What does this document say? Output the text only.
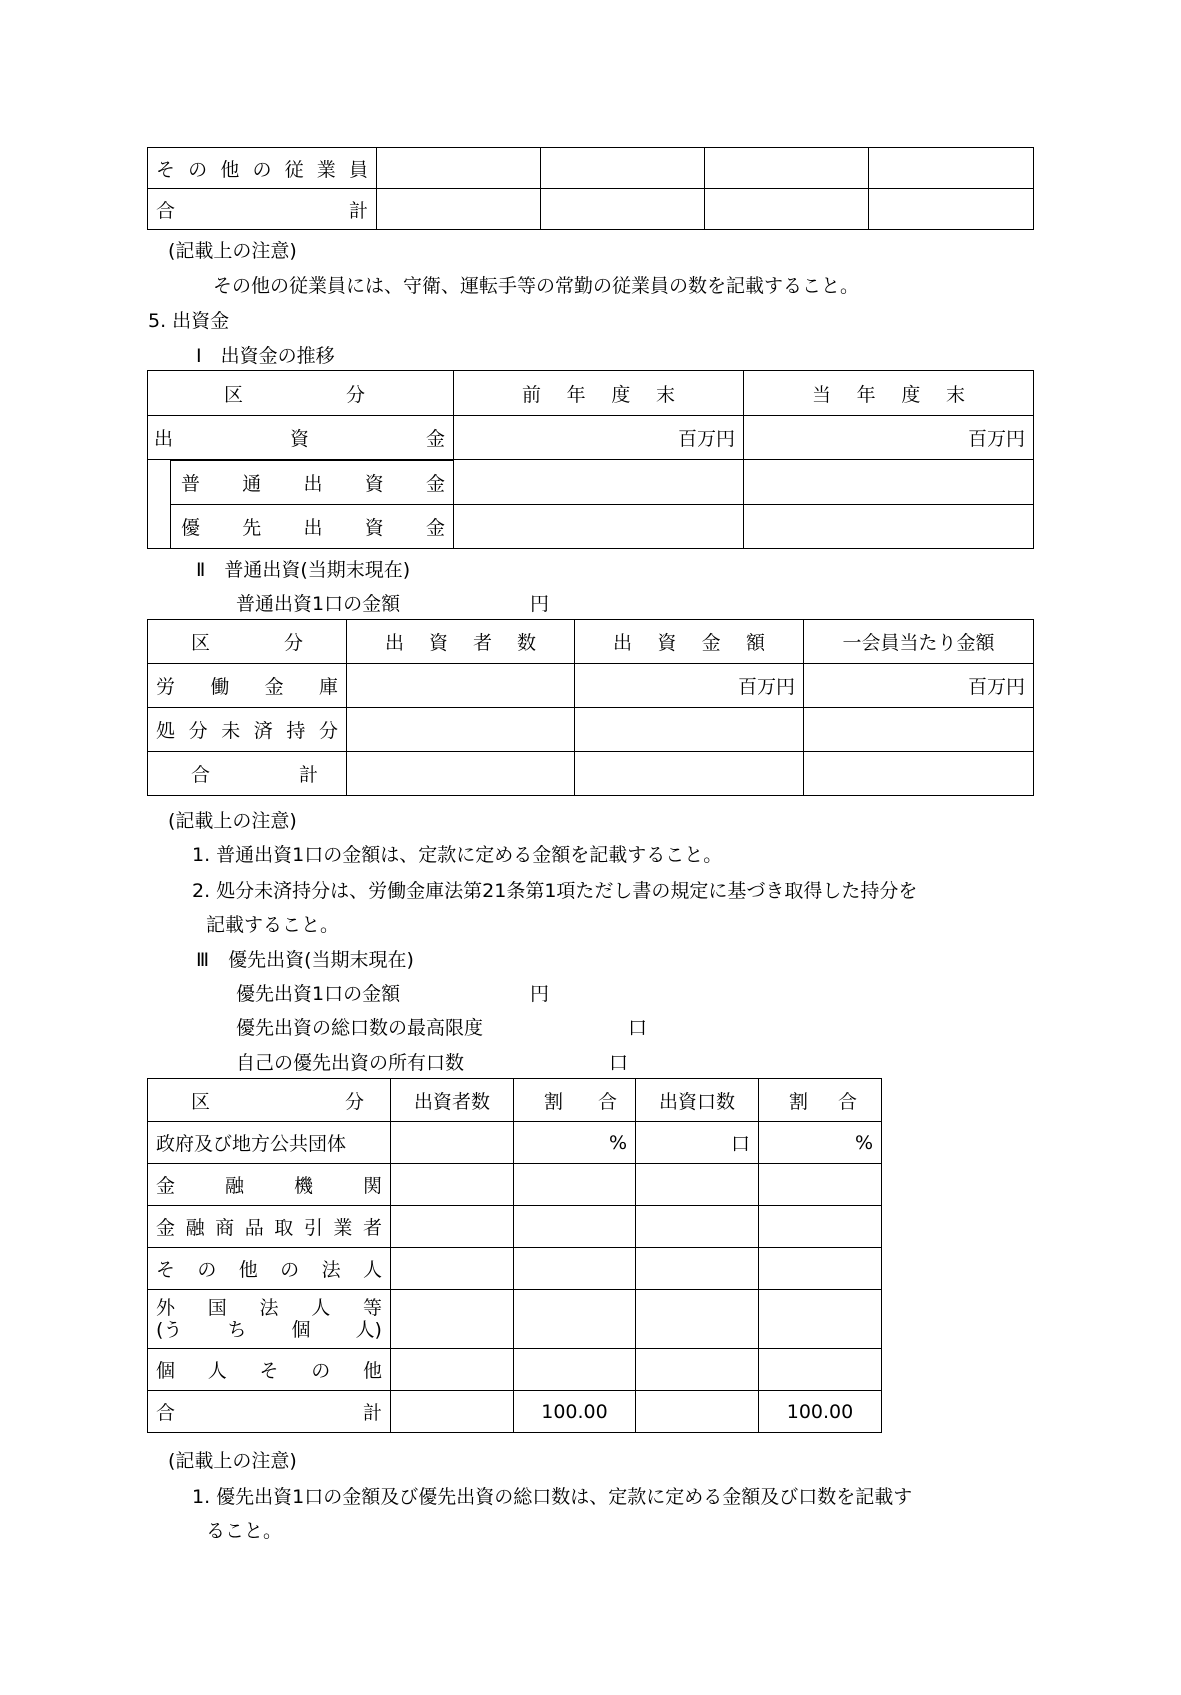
そ の 他 の 従 業 員

合 計				

(記載上の注意)
その他の従業員には、守衛、運転手等の常勤の従業員の数を記載すること。
5. 出資金
Ⅰ　出資金の推移
区 分	前 年 度 末	当 年 度 末

出 資 金	百万円	百万円

普 通 出 資 金		

優 先 出 資 金		

Ⅱ　普通出資(当期末現在)
普通出資1口の金額	円
区 分	出 資 者 数	出 資 金 額	一会員当たり金額

労 働 金 庫		百万円	百万円

処 分 未 済 持 分

合 計			

(記載上の注意)
1. 普通出資1口の金額は、定款に定める金額を記載すること。
2. 処分未済持分は、労働金庫法第21条第1項ただし書の規定に基づき取得した持分を
記載すること。
Ⅲ　優先出資(当期末現在)
優先出資1口の金額	円
優先出資の総口数の最高限度	口
自己の優先出資の所有口数	口
区 分	出資者数	割 合	出資口数	割 合

政府及び地方公共団体		%	口	%

金 融 機 関				

金 融 商 品 取 引 業 者

そ の 他 の 法 人

外 国 法 人 等
(う ち 個 人)

個 人 そ の 他				

合 計		100.00		100.00
(記載上の注意)
1. 優先出資1口の金額及び優先出資の総口数は、定款に定める金額及び口数を記載す
ること。
